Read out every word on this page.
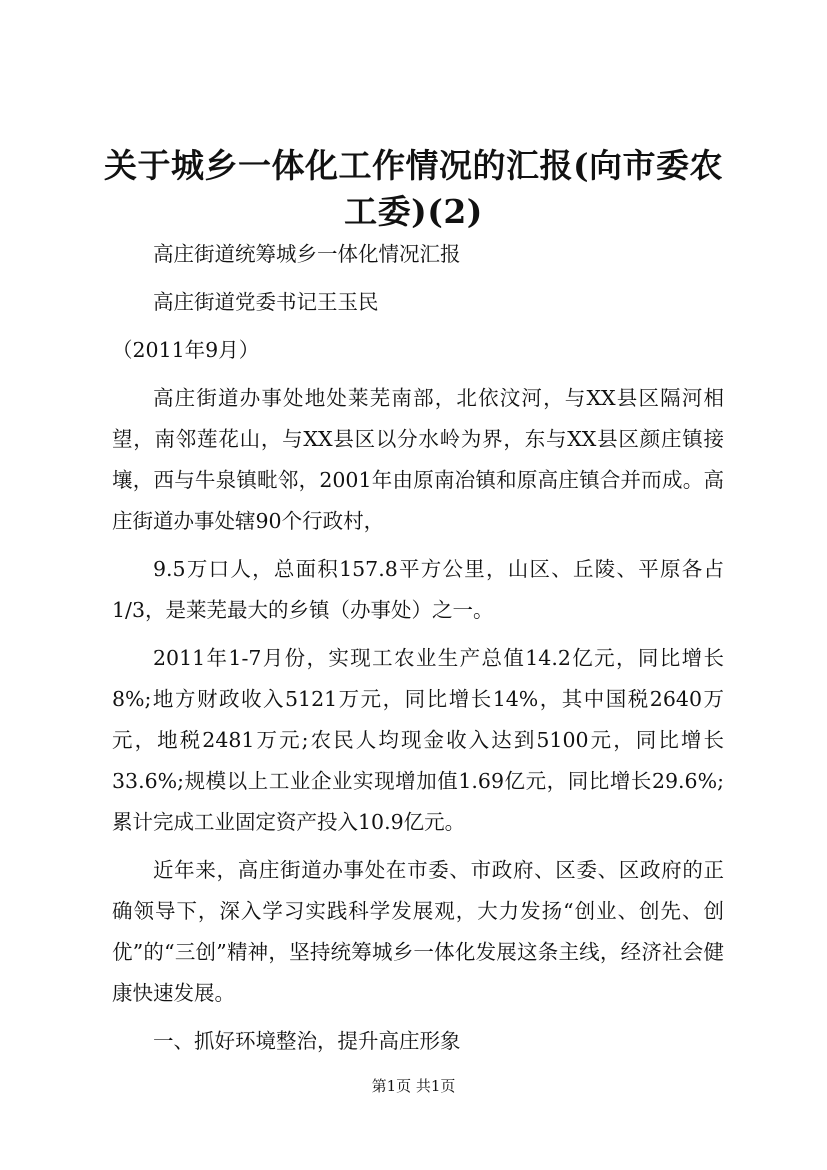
关于城乡一体化工作情况的汇报(向市委农工委)(2)

高庄街道统筹城乡一体化情况汇报

高庄街道党委书记王玉民

（2011年9月）

高庄街道办事处地处莱芜南部，北依汶河，与XX县区隔河相望，南邻莲花山，与XX县区以分水岭为界，东与XX县区颜庄镇接壤，西与牛泉镇毗邻，2001年由原南冶镇和原高庄镇合并而成。高庄街道办事处辖90个行政村，

9.5万口人，总面积157.8平方公里，山区、丘陵、平原各占1/3，是莱芜最大的乡镇（办事处）之一。

2011年1-7月份，实现工农业生产总值14.2亿元，同比增长8%;地方财政收入5121万元，同比增长14%，其中国税2640万元，地税2481万元;农民人均现金收入达到5100元，同比增长33.6%;规模以上工业企业实现增加值1.69亿元，同比增长29.6%;累计完成工业固定资产投入10.9亿元。

近年来，高庄街道办事处在市委、市政府、区委、区政府的正确领导下，深入学习实践科学发展观，大力发扬“创业、创先、创优”的“三创”精神，坚持统筹城乡一体化发展这条主线，经济社会健康快速发展。

一、抓好环境整治，提升高庄形象

第1页 共1页
